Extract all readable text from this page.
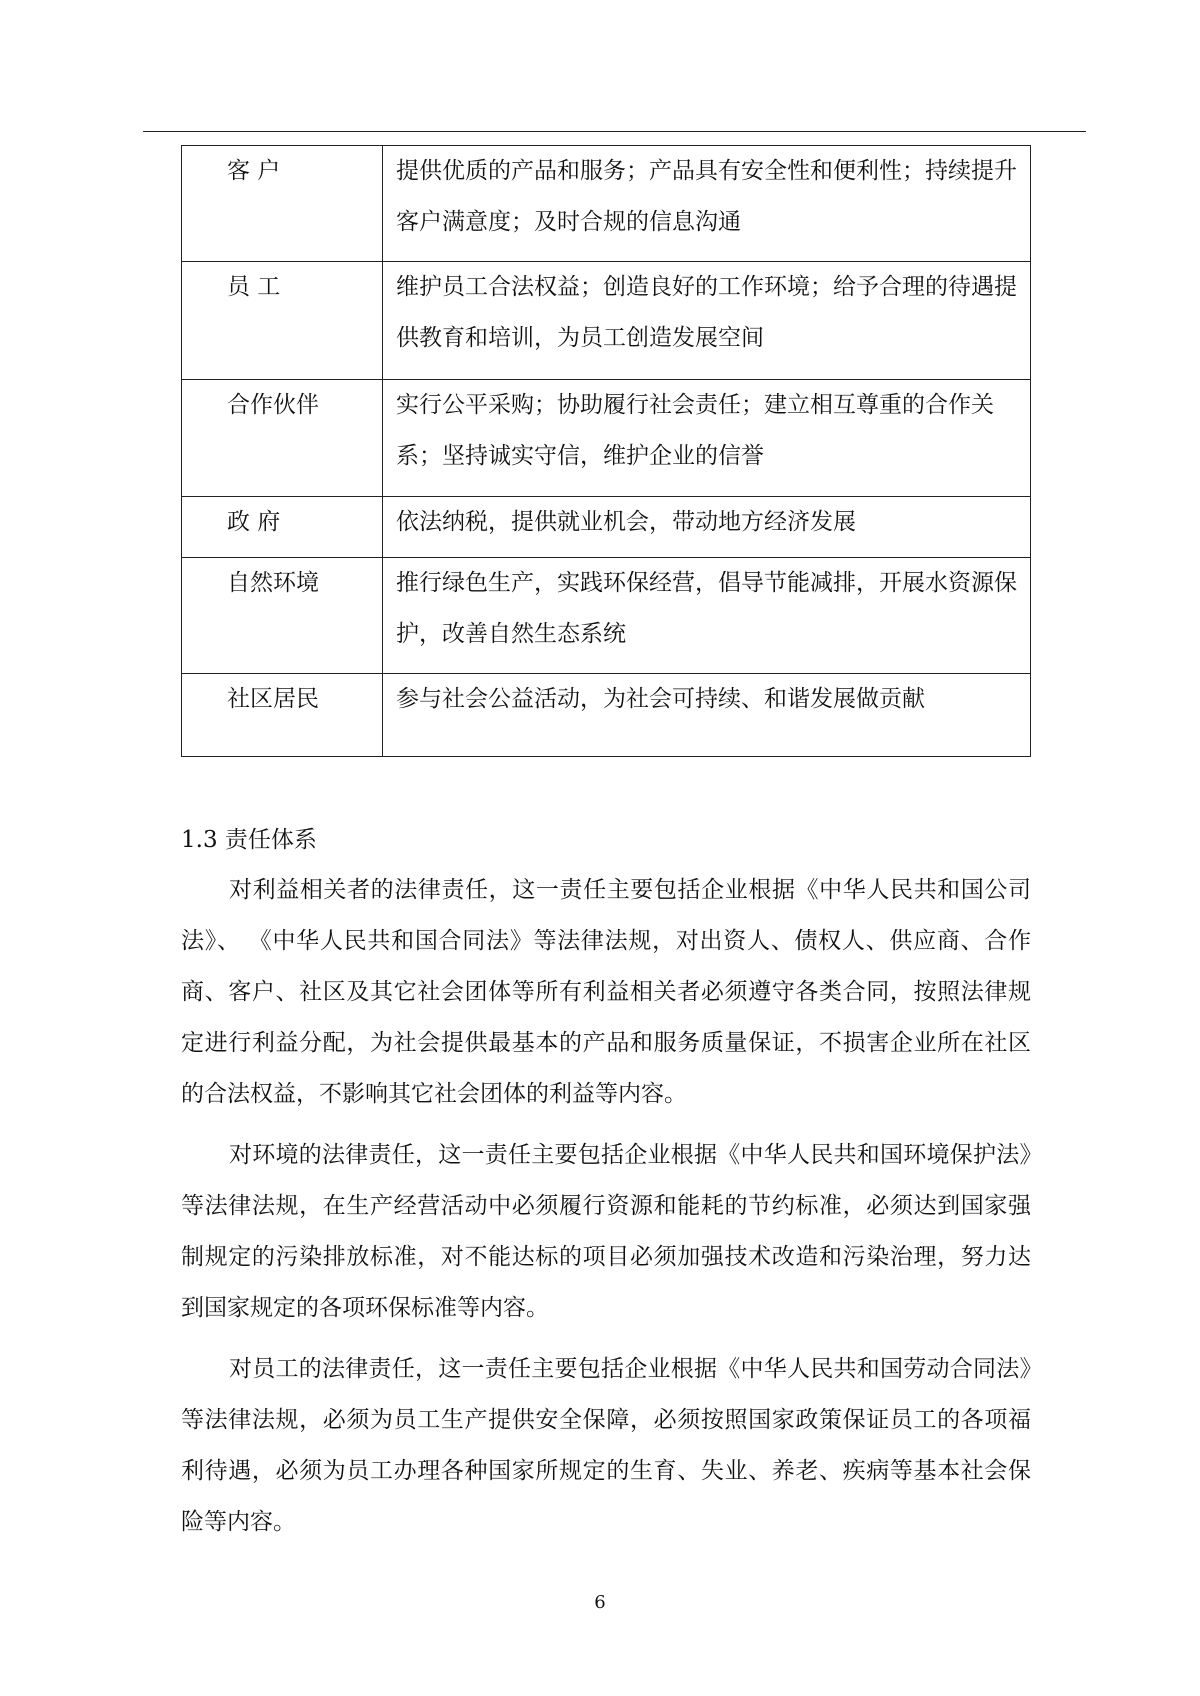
客 户	提供优质的产品和服务；产品具有安全性和便利性；持续提升客户满意度；及时合规的信息沟通
员 工	维护员工合法权益；创造良好的工作环境；给予合理的待遇提供教育和培训，为员工创造发展空间
合作伙伴	实行公平采购；协助履行社会责任；建立相互尊重的合作关系；坚持诚实守信，维护企业的信誉
政 府	依法纳税，提供就业机会，带动地方经济发展
自然环境	推行绿色生产，实践环保经营，倡导节能减排，开展水资源保护，改善自然生态系统
社区居民	参与社会公益活动，为社会可持续、和谐发展做贡献
1.3 责任体系

对利益相关者的法律责任，这一责任主要包括企业根据《中华人民共和国公司法》、 《中华人民共和国合同法》等法律法规，对出资人、债权人、供应商、合作商、客户、社区及其它社会团体等所有利益相关者必须遵守各类合同，按照法律规定进行利益分配，为社会提供最基本的产品和服务质量保证，不损害企业所在社区的合法权益，不影响其它社会团体的利益等内容。

对环境的法律责任，这一责任主要包括企业根据《中华人民共和国环境保护法》等法律法规，在生产经营活动中必须履行资源和能耗的节约标准，必须达到国家强制规定的污染排放标准，对不能达标的项目必须加强技术改造和污染治理，努力达到国家规定的各项环保标准等内容。

对员工的法律责任，这一责任主要包括企业根据《中华人民共和国劳动合同法》等法律法规，必须为员工生产提供安全保障，必须按照国家政策保证员工的各项福利待遇，必须为员工办理各种国家所规定的生育、失业、养老、疾病等基本社会保险等内容。

6
